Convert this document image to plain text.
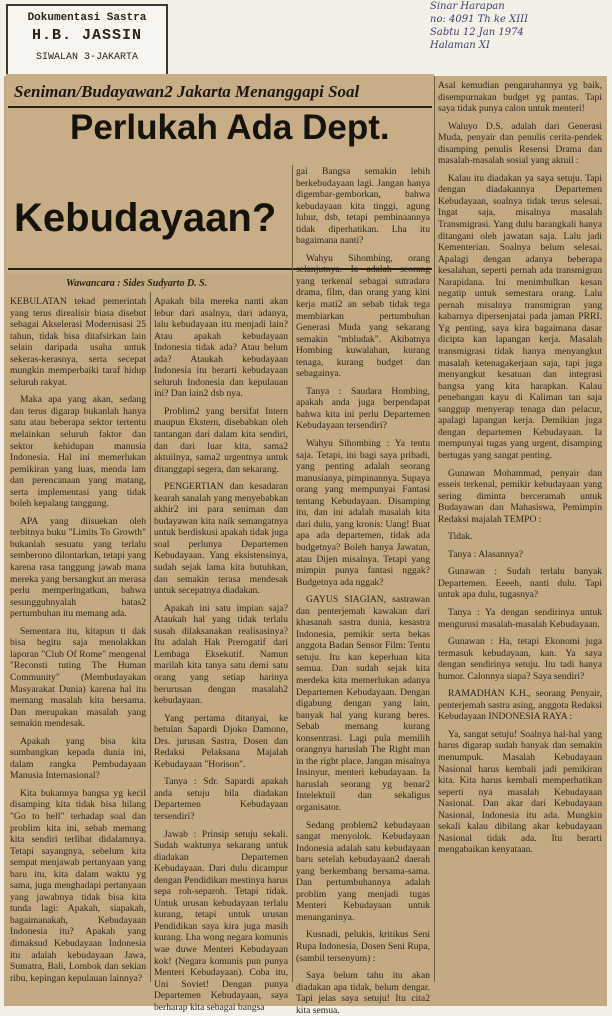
Dokumentasi Sastra
H.B. JASSIN
SIWALAN 3-JAKARTA
Sinar Harapan
no: 4091 Th ke XIII
Sabtu 12 Jan 1974
Halaman XI
Seniman/Budayawan2 Jakarta Menanggapi Soal
Perlukah Ada Dept.
Kebudayaan?
Wawancara : Sides Sudyarto D. S.

KEBULATAN tekad pemerintah yang terus direalisir biasa disebut sebagai Akselerasi Modernisasi 25 tahun, tidak bisa ditafsirkan lain selain daripada usaha untuk sekeras-kerasnya, serta secepat mungkin memperbaiki taraf hidup seluruh rakyat.

Maka apa yang akan, sedang dan terus digarap bukanlah hanya satu atau beberapa sektor tertentu melainkan seluruh faktor dan sektor kehidupan manusia Indonesia. Hal ini memerlukan pemikiran yang luas, menda lam dan perencanaan yang matang, serta implementasi yang tidak boleh kepalang tanggung.

APA yang diisuekan oleh terbitnya buku "Limits To Growth" bukanlah sesuatu yang terlalu semberono dilontarkan, tetapi yang karena rasa tanggung jawab mana mereka yang bersangkut an merasa perlu memperingatkan, bahwa sesungguhnyalah batas2 pertumbuhan itu memang ada.

Sementara itu, kitapun ti dak bisa begitu saja menolakkan laporan "Club Of Rome" mengenal "Reconsti tuting The Human Community" (Membudayakan Masyarakat Dunia) karena hal itu memang masalah kita bersama. Dan merupakan masalah yang semakin mendesak.

Apakah yang bisa kita sumbangkan kepada dunia ini, dalam rangka Pembudayaan Manusia Internasional?

Kita bukannya bangsa yg kecil disamping kita tidak bisa hilang "Go to hell" terhadap soal dan problim kita ini, sebab memang kita sendiri terlibat didalamnya. Tetapi sayangnya, sebelum kita sempat menjawab pertanyaan yang baru itu, kita dalam waktu yg sama, juga menghadapi pertanyaan yang jawabnya tidak bisa kita tunda lagi: Apakah, siapakah, bagaimanakah, Kebudayaan Indonesia itu? Apakah yang dimaksud Kebudayaan Indonesia itu adalah kebudayaan Jawa, Sumatra, Bali, Lombok dan sekian ribu, kepingan kepulauan lainnya?

Apakah bila mereka nanti akan lebur dari asalnya, dari adanya, lalu kebudayaan itu menjadi lain? Atau apakah kebudayaan Indonesia tidak ada? Atau belum ada? Ataukah kebudayaan Indonesia itu berarti kebudayaan seluruh Indonesia dan kepulauan ini? Dan lain2 dsb nya.

Problim2 yang bersifat Intern maupun Ekstern, disebabkan oleh tantangan dari dalam kita sendiri, dan dari luar kita, sama2 aktuilnya, sama2 urgentnya untuk ditanggapi segera, dan sekarang.

PENGERTIAN dan kesadaran kearah sanalah yang menyebabkan akhir2 ini para seniman dan budayawan kita naik semangatnya untuk berdiskusi apakah tidak juga soal perlunya Departemen Kebudayaan. Yang eksistensinya, sudah sejak lama kita butuhkan, dan semakin terasa mendesak untuk secepatnya diadakan.

Apakah ini satu impian saja? Ataukah hal yang tidak terlalu susah dilaksanakan realisasinya? Itu adalah Hak Prerogatif dari Lembaga Eksekutif. Namun marilah kita tanya satu demi satu orang yang setiap harinya berurusan dengan masalah2 kebudayaan.

Yang pertama ditanyai, ke betulan Sapardi Djoko Damono, Drs. jurusan Sastra, Dosen dan Redaksi Pelaksana Majalah Kebudayaan "Horison".

Tanya : Sdr. Sapardi apakah anda setuju bila diadakan Departemen Kebudayaan tersendiri?

Jawab : Prinsip setuju sekali. Sudah waktunya sekarang untuk diadakan Departemen Kebudayaan. Dari dulu dicampur dengan Pendidikan mestinya harus sepa roh-separoh. Tetapi tidak. Untuk urusan kebudayaan terlalu kurang, tetapi untuk urusan Pendidikan saya kira juga masih kurang. Lha wong negara komunis wae duwe Menteri Kebudayaan kok! (Negara komunis pun punya Menteri Kebudayaan). Coba itu, Uni Soviet! Dengan punya Departemen Kebudayaan, saya berharap kita sebagai bangsa

gai Bangsa semakin lebih berkebudayaan lagi. Jangan hanya digembar-gemborkan, bahwa kebudayaan kita tinggi, agung luhur, dsb, tetapi pembinaannya tidak diperhatikan. Lha itu bagaimana nanti?

Wahyu Sihombing, orang selanjutnya. Ia adalah seorang yang terkenal sebagai sutradara drama, film, dan orang yang kini kerja mati2 an sebab tidak tega membiarkan pertumbuhan Generasi Muda yang sekarang semakin "mbludak". Akibatnya Hombing kuwalahan, kurang tenaga, kurang budget dan sebagainya.

Tanya : Saudara Hombing, apakah anda juga berpendapat bahwa kita ini perlu Departemen Kebudayaan tersendiri?

Wahyu Sihombing : Ya tentu saja. Tetapi, ini bagi saya pribadi, yang penting adalah seorang manusianya, pimpinannya. Supaya orang yang mempunyai Fantasi tentang Kebudayaan. Disamping itu, dan ini adalah masalah kita dari dulu, yang kronis: Uang! Buat apa ada departemen, tidak ada budgetnya? Boleh hanya Jawatan, atau Dijen misalnya. Tetapi yang mimpin punya fantasi nggak? Budgetnya ada nggak?

GAYUS SIAGIAN, sastrawan dan penterjemah kawakan dari khasanah sastra dunia, kesastra Indonesia, pemikir serta bekas anggota Badan Sensor Film: Tentu setuju. Itu kan keperluan kita semua. Dan sudah sejak kita merdeka kita memerlukan adanya Departemen Kebudayaan. Dengan digabung dengan yang lain, banyak hal yang kurang beres. Sebab memang kurang konsentrasi. Lagi pula memilih orangnya haruslah The Right man in the right place. Jangan misalnya Insinyur, menteri kebudayaan. Ia haruslah seorang yg benar2 Intelektuil dan sekaligus organisator.

Sedang problem2 kebudayaan sangat menyolok. Kebudayaan Indonesia adalah satu kebudayaan baru setelah kebudayaan2 daerah yang berkembang bersama-sama. Dan pertumbuhannya adalah problim yang menjadi tugas Menteri Kebudayaan untuk menanganinya.

Kusnadi, pelukis, kritikus Seni Rupa Indonesia, Dosen Seni Rupa, (sambil tersenyum) :

Saya belum tahu itu akan diadakan apa tidak, belum dengar. Tapi jelas saya setuju! Itu cita2 kita semua.

Asal kemudian pengarahannya yg baik, disempurnakan budget yg pantas. Tapi saya tidak punya calon untuk menteri!

Waluyo D.S. adalah dari Generasi Muda, penyair dan penulis cerita-pendek disamping penulis Resensi Drama dan masalah-masalah sosial yang aktuil :

Kalau itu diadakan ya saya setuju. Tapi dengan diadakannya Departemen Kebudayaan, soalnya tidak terus selesai. Ingat saja, misalnya masalah Transmigrasi. Yang dulu barangkali hanya ditangani oleh jawatan saja. Lalu jadi Kementerian. Soalnya belum selesai. Apalagi dengan adanya beberapa kesalahan, seperti pernah ada transmigran Narapidana. Ini menimbulkan kesan negatip untuk semestara orang. Lalu pernah misalnya transmigran yang kabarnya dipersenjatai pada jaman PRRI. Yg penting, saya kira bagaimana dasar dicipta kan lapangan kerja. Masalah transmigrasi tidak hanya menyangkut masalah ketenagakerjaan saja, tapi juga menyangkut kesatuan dan integrasi bangsa yang kita harapkan. Kalau penebangan kayu di Kaliman tan saja sanggup menyerap tenaga dan pelacur, apalagi lapangan kerja. Demikian juga dengan departemen Kebudayaan. Ia mempunyai tugas yang urgent, disamping bertugas yang sangat penting.

Gunawan Mohammad, penyair dan esseis terkenal, pemikir kebudayaan yang sering diminta berceramah untuk Budayawan dan Mahasiswa, Pemimpin Redaksi majalah TEMPO :

Tidak.

Tanya : Alasannya?

Gunawan : Sudah terlalu banyak Departemen. Eeeeh, nanti dulu. Tapi untuk apa dulu, tugasnya?

Tanya : Ya dengan sendirinya untuk mengurusi masalah-masalah Kebudayaan.

Gunawan : Ha, tetapi Ekonomi juga termasuk kebudayaan, kan. Ya saya dengan sendirinya setuju. Itu tadi hanya humor. Calonnya siapa? Saya sendiri?

RAMADHAN K.H., seorang Penyair, penterjemah sastra asing, anggota Redaksi Kebudayaan INDONESIA RAYA :

Ya, sangat setuju! Soalnya hal-hal yang harus digarap sudah banyak dan semakin menumpuk. Masalah Kebudayaan Nasional harus kembali jadi pemikiran kita. Kita harus kembali memperhatikan seperti nya masalah Kebudayaan Nasional. Dan akar dari Kebudayaan Nasional, Indonesia itu ada. Mungkin sekali kalau dibilang akar kebudayaan Nasional tidak ada. Itu berarti mengabaikan kenyataan.
